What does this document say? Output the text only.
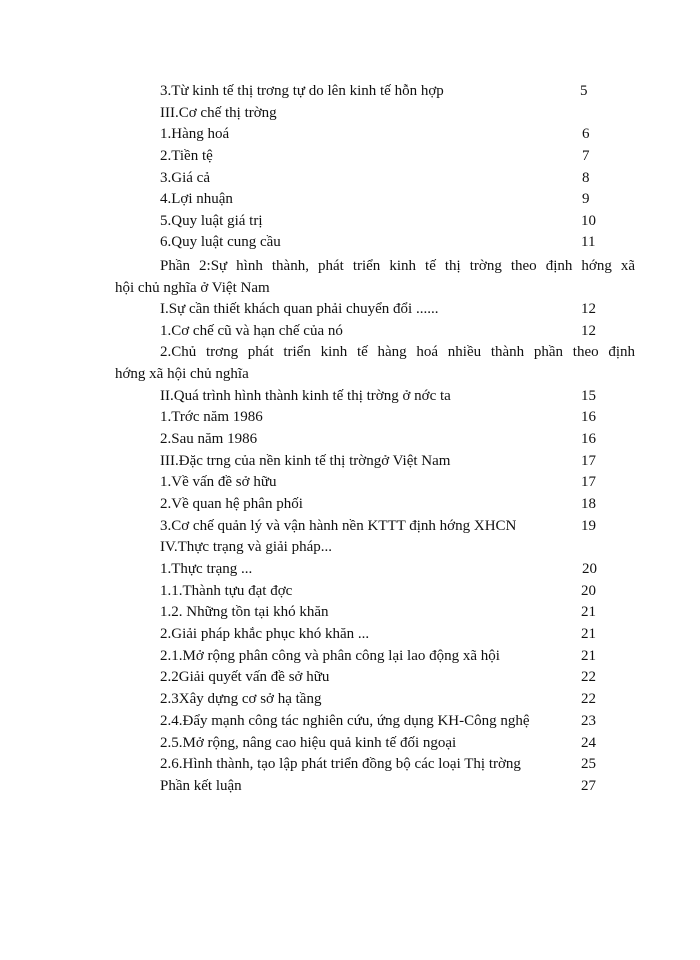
3.Từ kinh tế thị trơng tự do lên kinh tế hỗn hợp	5
III.Cơ chế thị trờng
1.Hàng hoá	6
2.Tiền tệ	7
3.Giá cả	8
4.Lợi nhuận	9
5.Quy luật giá trị	10
6.Quy luật cung cầu	11
Phần 2:Sự hình thành, phát triển kinh tế thị trờng theo định hớng xã
hội chủ nghĩa ở Việt Nam
I.Sự cần thiết khách quan phải chuyển đổi ......	12
1.Cơ chế cũ và hạn chế của nó	12
2.Chủ trơng phát triển kinh tế hàng hoá nhiều thành phần theo định
hớng xã hội chủ nghĩa
II.Quá trình hình thành kinh tế thị trờng ở nớc ta	15
1.Trớc năm 1986	16
2.Sau năm 1986	16
III.Đặc trng của nền kinh tế thị trờngở Việt Nam	17
1.Về vấn đề sở hữu	17
2.Về quan hệ phân phối	18
3.Cơ chế quản lý và vận hành nền KTTT định hớng XHCN	19
IV.Thực trạng và giải pháp...
1.Thực trạng ...	20
1.1.Thành tựu đạt đợc	20
1.2. Những tồn tại khó khăn	21
2.Giải pháp khắc phục khó khăn ...	21
2.1.Mở rộng phân công và phân công lại lao động xã hội	21
2.2Giải quyết vấn đề sở hữu	22
2.3Xây dựng cơ sở hạ tầng	22
2.4.Đẩy mạnh công tác nghiên cứu, ứng dụng KH-Công nghệ	23
2.5.Mở rộng, nâng cao hiệu quả kinh tế đối ngoại	24
2.6.Hình thành, tạo lập phát triển đồng bộ các loại Thị trờng	25
Phần kết luận	27
